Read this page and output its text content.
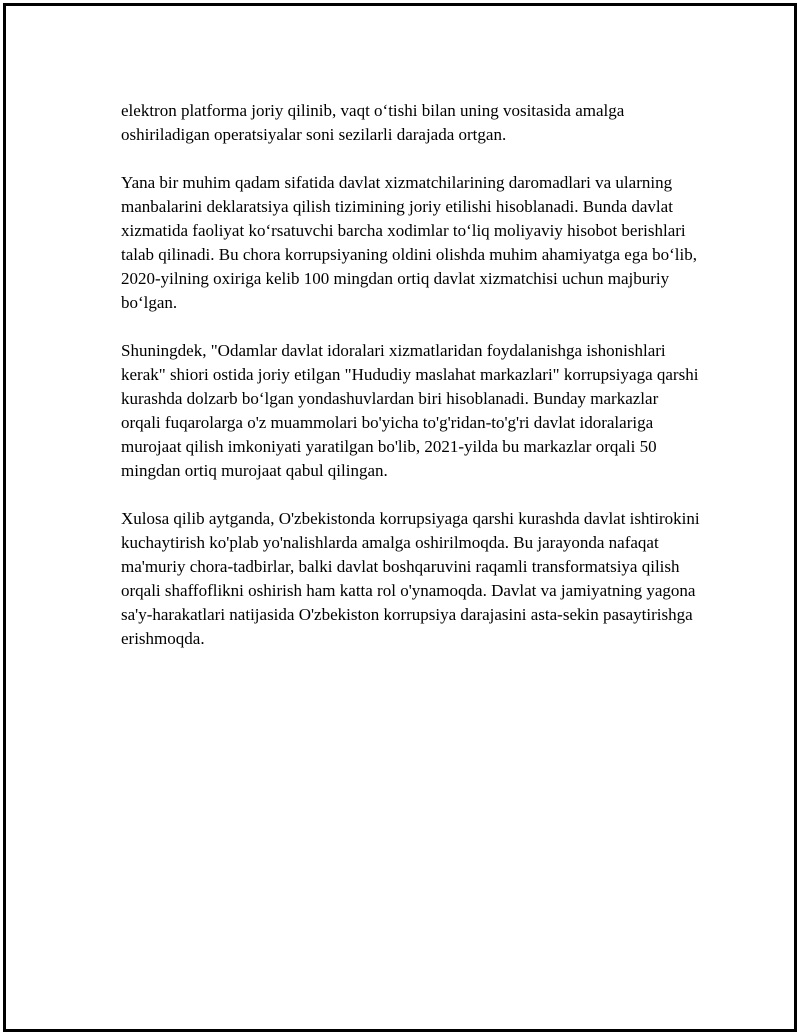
elektron platforma joriy qilinib, vaqt o‘tishi bilan uning vositasida amalga oshiriladigan operatsiyalar soni sezilarli darajada ortgan.

Yana bir muhim qadam sifatida davlat xizmatchilarining daromadlari va ularning manbalarini deklaratsiya qilish tizimining joriy etilishi hisoblanadi. Bunda davlat xizmatida faoliyat ko‘rsatuvchi barcha xodimlar to‘liq moliyaviy hisobot berishlari talab qilinadi. Bu chora korrupsiyaning oldini olishda muhim ahamiyatga ega bo‘lib, 2020-yilning oxiriga kelib 100 mingdan ortiq davlat xizmatchisi uchun majburiy bo‘lgan.

Shuningdek, "Odamlar davlat idoralari xizmatlaridan foydalanishga ishonishlari kerak" shiori ostida joriy etilgan "Hududiy maslahat markazlari" korrupsiyaga qarshi kurashda dolzarb bo‘lgan yondashuvlardan biri hisoblanadi. Bunday markazlar orqali fuqarolarga o'z muammolari bo'yicha to'g'ridan-to'g'ri davlat idoralariga murojaat qilish imkoniyati yaratilgan bo'lib, 2021-yilda bu markazlar orqali 50 mingdan ortiq murojaat qabul qilingan.

Xulosa qilib aytganda, O'zbekistonda korrupsiyaga qarshi kurashda davlat ishtirokini kuchaytirish ko'plab yo'nalishlarda amalga oshirilmoqda. Bu jarayonda nafaqat ma'muriy chora-tadbirlar, balki davlat boshqaruvini raqamli transformatsiya qilish orqali shaffoflikni oshirish ham katta rol o'ynamoqda. Davlat va jamiyatning yagona sa'y-harakatlari natijasida O'zbekiston korrupsiya darajasini asta-sekin pasaytirishga erishmoqda.
